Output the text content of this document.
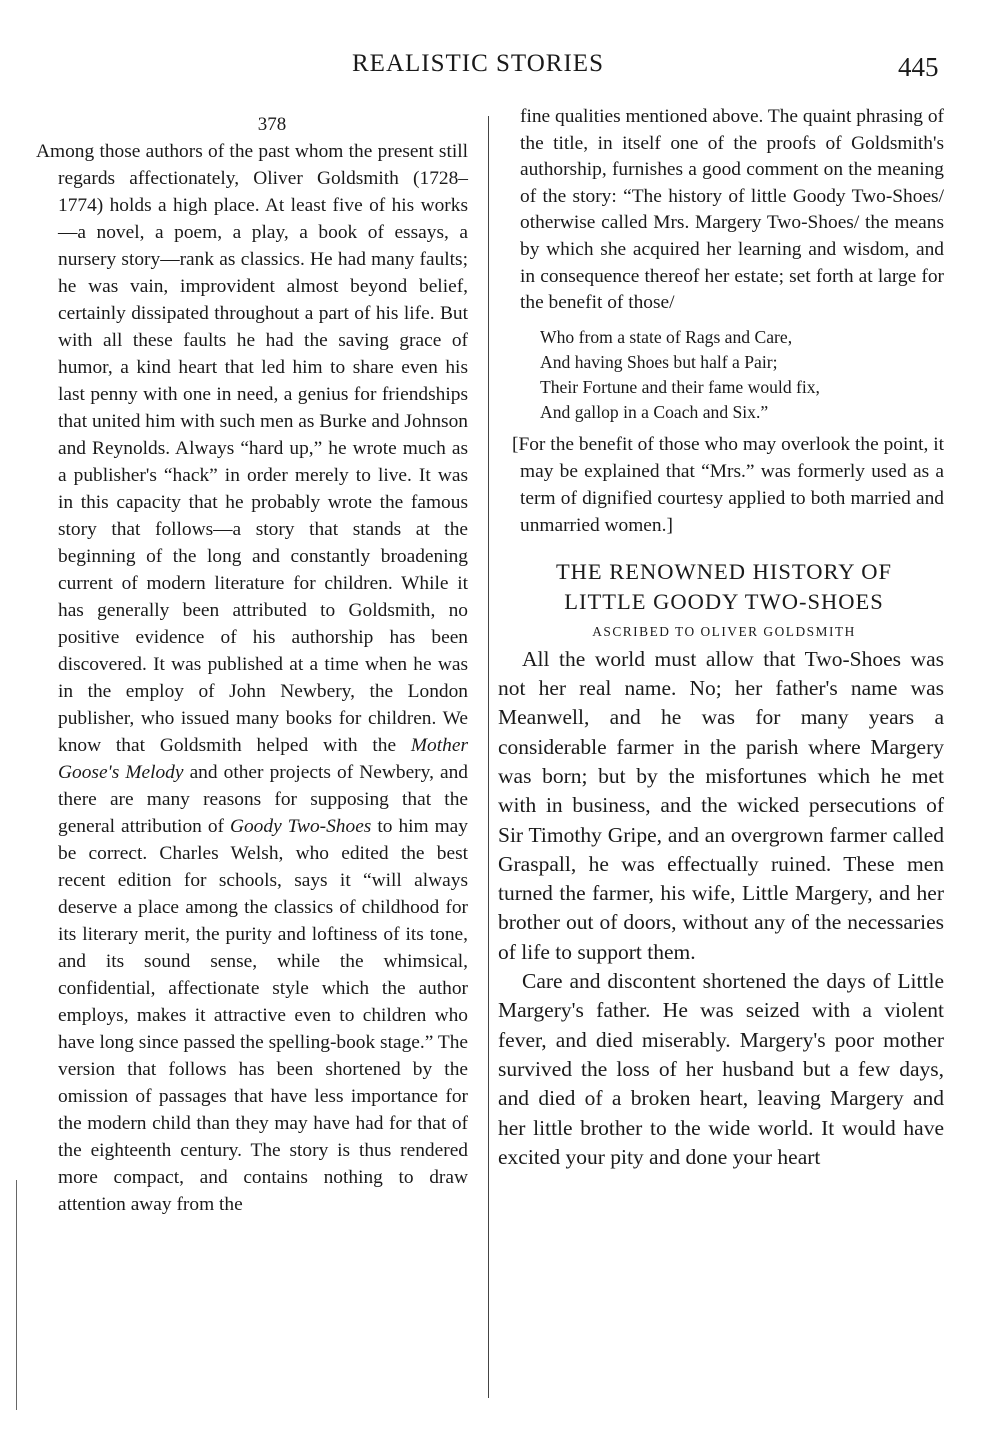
REALISTIC STORIES	445
378

Among those authors of the past whom the present still regards affectionately, Oliver Goldsmith (1728–1774) holds a high place. At least five of his works—a novel, a poem, a play, a book of essays, a nursery story—rank as classics. He had many faults; he was vain, improvident almost beyond belief, certainly dissipated throughout a part of his life. But with all these faults he had the saving grace of humor, a kind heart that led him to share even his last penny with one in need, a genius for friendships that united him with such men as Burke and Johnson and Reynolds. Always “hard up,” he wrote much as a publisher's “hack” in order merely to live. It was in this capacity that he probably wrote the famous story that follows—a story that stands at the beginning of the long and constantly broadening current of modern literature for children. While it has generally been attributed to Goldsmith, no positive evidence of his authorship has been discovered. It was published at a time when he was in the employ of John Newbery, the London publisher, who issued many books for children. We know that Goldsmith helped with the Mother Goose's Melody and other projects of Newbery, and there are many reasons for supposing that the general attribution of Goody Two-Shoes to him may be correct. Charles Welsh, who edited the best recent edition for schools, says it “will always deserve a place among the classics of childhood for its literary merit, the purity and loftiness of its tone, and its sound sense, while the whimsical, confidential, affectionate style which the author employs, makes it attractive even to children who have long since passed the spelling-book stage.” The version that follows has been shortened by the omission of passages that have less importance for the modern child than they may have had for that of the eighteenth century. The story is thus rendered more compact, and contains nothing to draw attention away from the

fine qualities mentioned above. The quaint phrasing of the title, in itself one of the proofs of Goldsmith's authorship, furnishes a good comment on the meaning of the story: “The history of little Goody Two-Shoes/ otherwise called Mrs. Margery Two-Shoes/ the means by which she acquired her learning and wisdom, and in consequence thereof her estate; set forth at large for the benefit of those/

Who from a state of Rags and Care,
And having Shoes but half a Pair;
Their Fortune and their fame would fix,
And gallop in a Coach and Six.”

[For the benefit of those who may overlook the point, it may be explained that “Mrs.” was formerly used as a term of dignified courtesy applied to both married and unmarried women.]

THE RENOWNED HISTORY OF
LITTLE GOODY TWO-SHOES
ASCRIBED TO OLIVER GOLDSMITH

All the world must allow that Two-Shoes was not her real name. No; her father's name was Meanwell, and he was for many years a considerable farmer in the parish where Margery was born; but by the misfortunes which he met with in business, and the wicked persecutions of Sir Timothy Gripe, and an overgrown farmer called Graspall, he was effectually ruined. These men turned the farmer, his wife, Little Margery, and her brother out of doors, without any of the necessaries of life to support them.

Care and discontent shortened the days of Little Margery's father. He was seized with a violent fever, and died miserably. Margery's poor mother survived the loss of her husband but a few days, and died of a broken heart, leaving Margery and her little brother to the wide world. It would have excited your pity and done your heart
